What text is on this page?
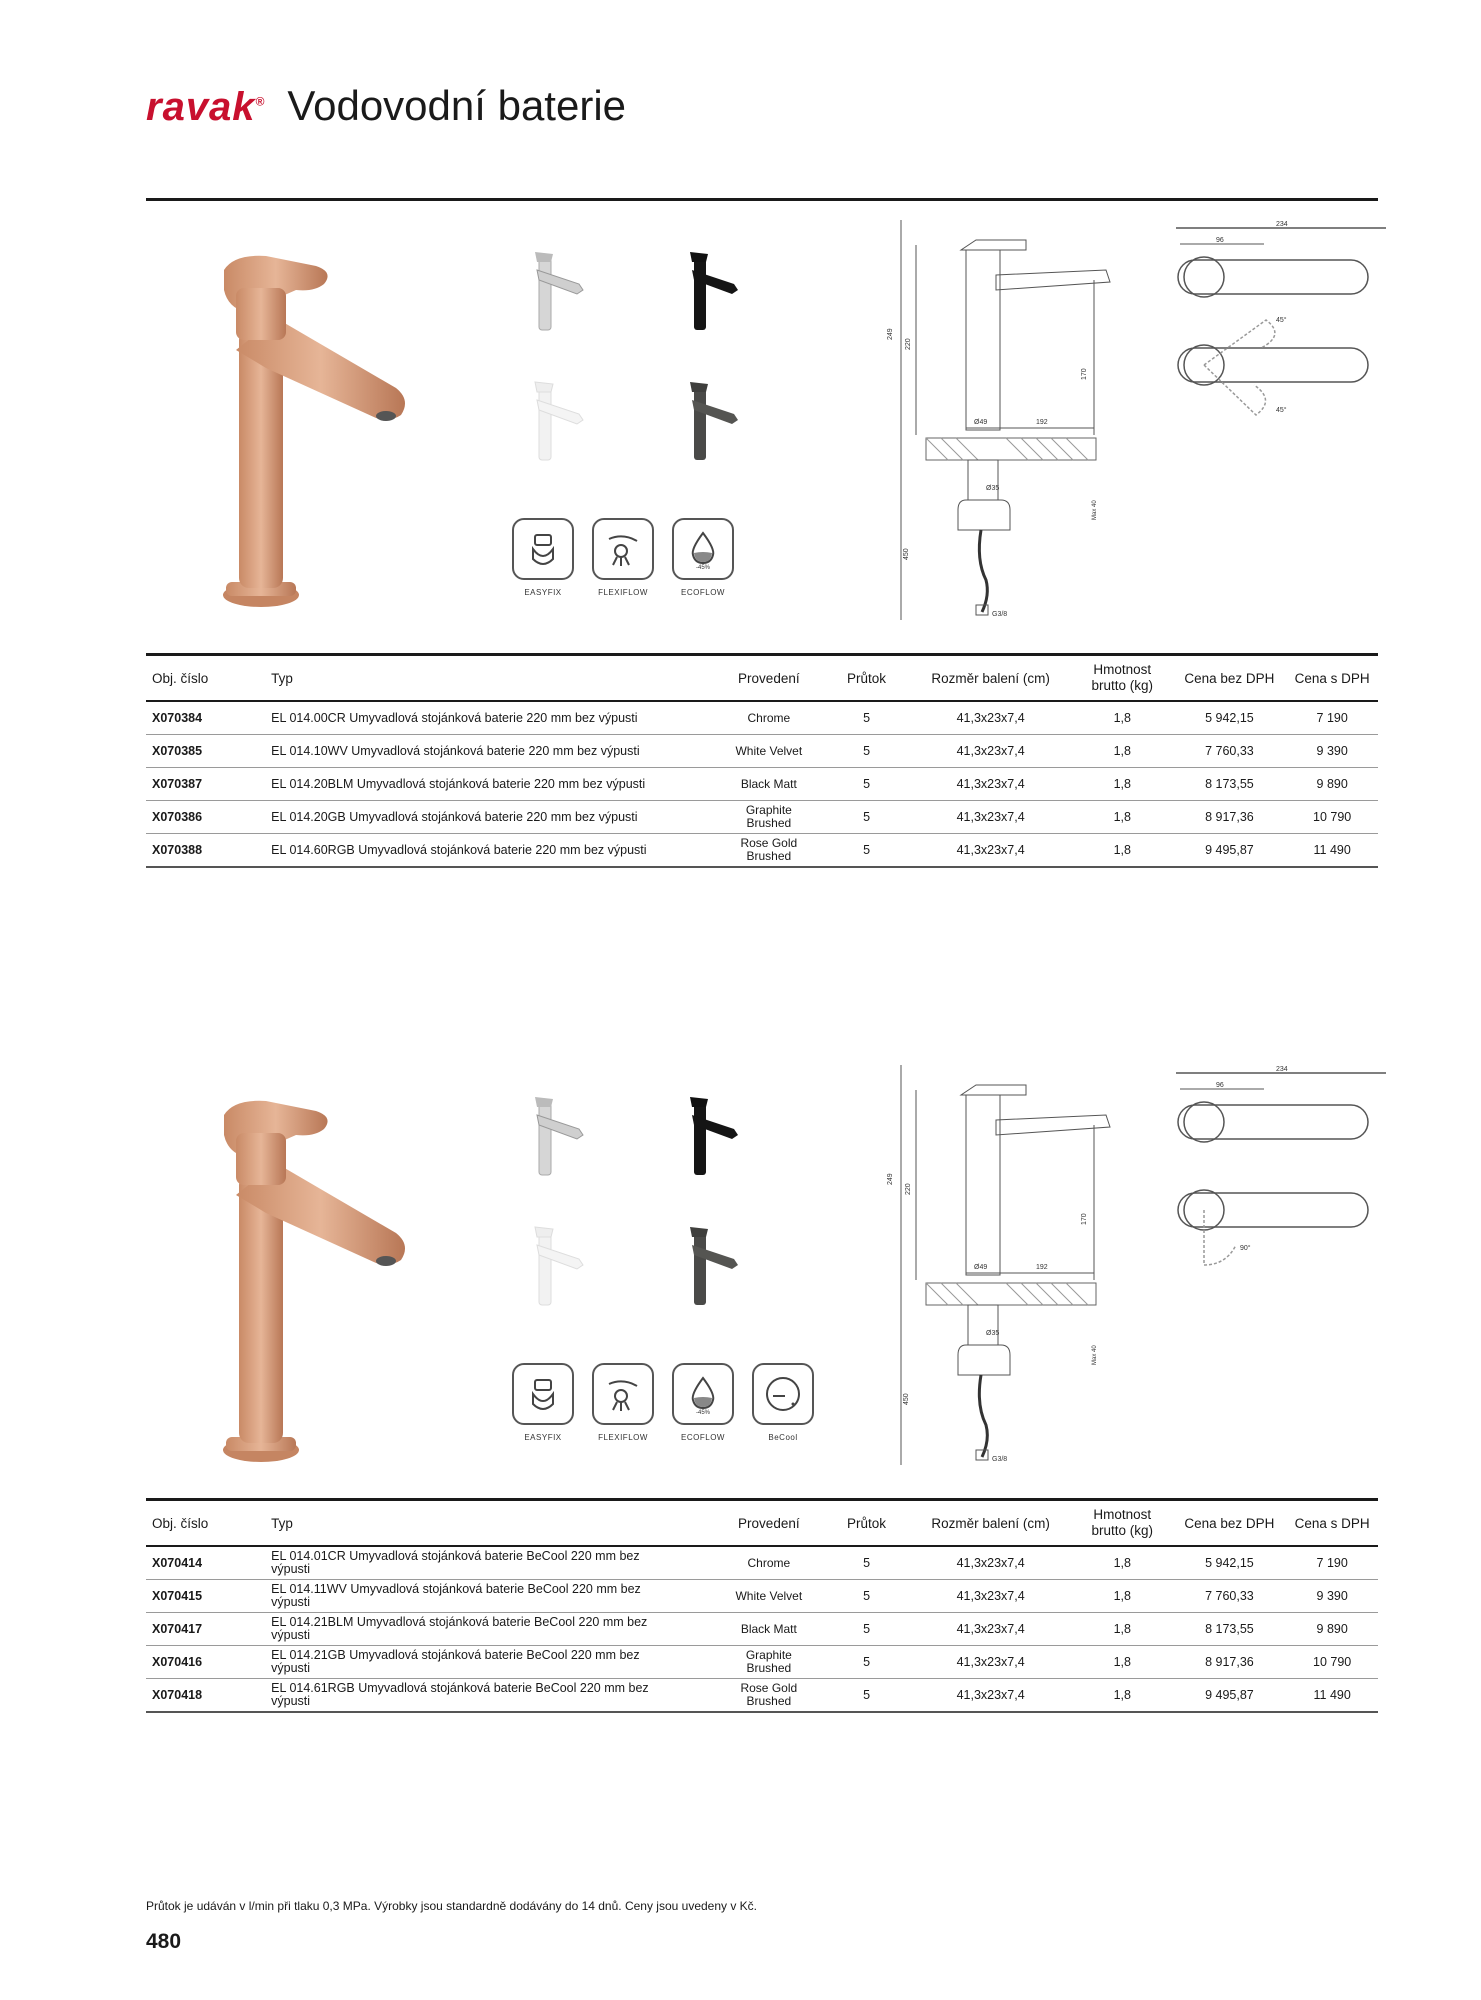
ravak® Vodovodní baterie
EASYFIX	FLEXIFLOW
-45%
ECOFLOW
249
220
170
450
Ø49	192
Ø35
Max 40
G3/8
234
96
45°
45°
Obj. číslo	Typ	Provedení	Průtok	Rozměr balení (cm)	Hmotnost
brutto (kg)	Cena bez DPH	Cena s DPH
X070384	EL 014.00CR Umyvadlová stojánková baterie 220 mm bez výpusti	Chrome	5	41,3x23x7,4	1,8	5 942,15	7 190
X070385	EL 014.10WV Umyvadlová stojánková baterie 220 mm bez výpusti	White Velvet	5	41,3x23x7,4	1,8	7 760,33	9 390
X070387	EL 014.20BLM Umyvadlová stojánková baterie 220 mm bez výpusti	Black Matt	5	41,3x23x7,4	1,8	8 173,55	9 890
X070386	EL 014.20GB Umyvadlová stojánková baterie 220 mm bez výpusti	Graphite
Brushed	5	41,3x23x7,4	1,8	8 917,36	10 790
X070388	EL 014.60RGB Umyvadlová stojánková baterie 220 mm bez výpusti	Rose Gold
Brushed	5	41,3x23x7,4	1,8	9 495,87	11 490
EASYFIX	FLEXIFLOW
-45%
ECOFLOW	BeCool
249
220
170
450
Ø49	192
Ø35
Max 40
G3/8
234
96
90°
Obj. číslo	Typ	Provedení	Průtok	Rozměr balení (cm)	Hmotnost
brutto (kg)	Cena bez DPH	Cena s DPH
X070414	EL 014.01CR Umyvadlová stojánková baterie BeCool 220 mm bez
výpusti	Chrome	5	41,3x23x7,4	1,8	5 942,15	7 190
X070415	EL 014.11WV Umyvadlová stojánková baterie BeCool 220 mm bez
výpusti	White Velvet	5	41,3x23x7,4	1,8	7 760,33	9 390
X070417	EL 014.21BLM Umyvadlová stojánková baterie BeCool 220 mm bez
výpusti	Black Matt	5	41,3x23x7,4	1,8	8 173,55	9 890
X070416	EL 014.21GB Umyvadlová stojánková baterie BeCool 220 mm bez
výpusti	Graphite
Brushed	5	41,3x23x7,4	1,8	8 917,36	10 790
X070418	EL 014.61RGB Umyvadlová stojánková baterie BeCool 220 mm bez
výpusti	Rose Gold
Brushed	5	41,3x23x7,4	1,8	9 495,87	11 490
Průtok je udáván v l/min při tlaku 0,3 MPa. Výrobky jsou standardně dodávány do 14 dnů. Ceny jsou uvedeny v Kč.
480
